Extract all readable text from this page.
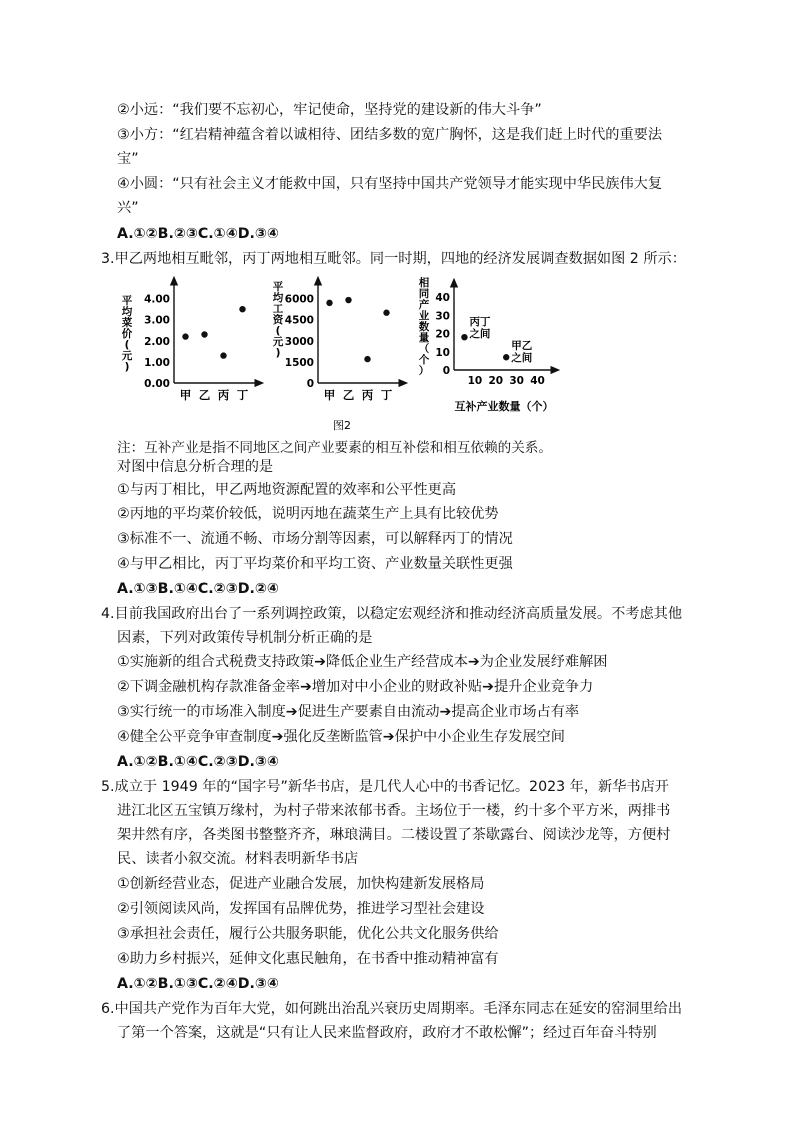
②小远：“我们要不忘初心，牢记使命，坚持党的建设新的伟大斗争”
③小方：“红岩精神蕴含着以诚相待、团结多数的宽广胸怀，这是我们赶上时代的重要法
宝”
④小圆：“只有社会主义才能救中国，只有坚持中国共产党领导才能实现中华民族伟大复
兴”
A.①②B.②③C.①④D.③④
3.甲乙两地相互毗邻，丙丁两地相互毗邻。同一时期，四地的经济发展调查数据如图 2 所示：
0.00
1.00
2.00
3.00
4.00
甲 乙 丙 丁
平均菜价(元)
0
1500
3000
4500
6000
甲 乙 丙 丁
平均工资(元)
0
10
20
30
40
10 20 30 40
丙丁
之间
甲乙
之间
相同产业数量（个）
互补产业数量（个）
图2
注：互补产业是指不同地区之间产业要素的相互补偿和相互依赖的关系。
对图中信息分析合理的是
①与丙丁相比，甲乙两地资源配置的效率和公平性更高
②丙地的平均菜价较低，说明丙地在蔬菜生产上具有比较优势
③标准不一、流通不畅、市场分割等因素，可以解释丙丁的情况
④与甲乙相比，丙丁平均菜价和平均工资、产业数量关联性更强
A.①③B.①④C.②③D.②④
4.目前我国政府出台了一系列调控政策，以稳定宏观经济和推动经济高质量发展。不考虑其他
因素，下列对政策传导机制分析正确的是
①实施新的组合式税费支持政策➔降低企业生产经营成本➔为企业发展纾难解困
②下调金融机构存款准备金率➔增加对中小企业的财政补贴➔提升企业竞争力
③实行统一的市场准入制度➔促进生产要素自由流动➔提高企业市场占有率
④健全公平竞争审查制度➔强化反垄断监管➔保护中小企业生存发展空间
A.①②B.①④C.②③D.③④
5.成立于 1949 年的“国字号”新华书店，是几代人心中的书香记忆。2023 年，新华书店开
进江北区五宝镇万缘村，为村子带来浓郁书香。主场位于一楼，约十多个平方米，两排书
架井然有序，各类图书整整齐齐，琳琅满目。二楼设置了茶歇露台、阅读沙龙等，方便村
民、读者小叙交流。材料表明新华书店
①创新经营业态，促进产业融合发展，加快构建新发展格局
②引领阅读风尚，发挥国有品牌优势，推进学习型社会建设
③承担社会责任，履行公共服务职能，优化公共文化服务供给
④助力乡村振兴，延伸文化惠民触角，在书香中推动精神富有
A.①②B.①③C.②④D.③④
6.中国共产党作为百年大党，如何跳出治乱兴衰历史周期率。毛泽东同志在延安的窑洞里给出
了第一个答案，这就是“只有让人民来监督政府，政府才不敢松懈”；经过百年奋斗特别
